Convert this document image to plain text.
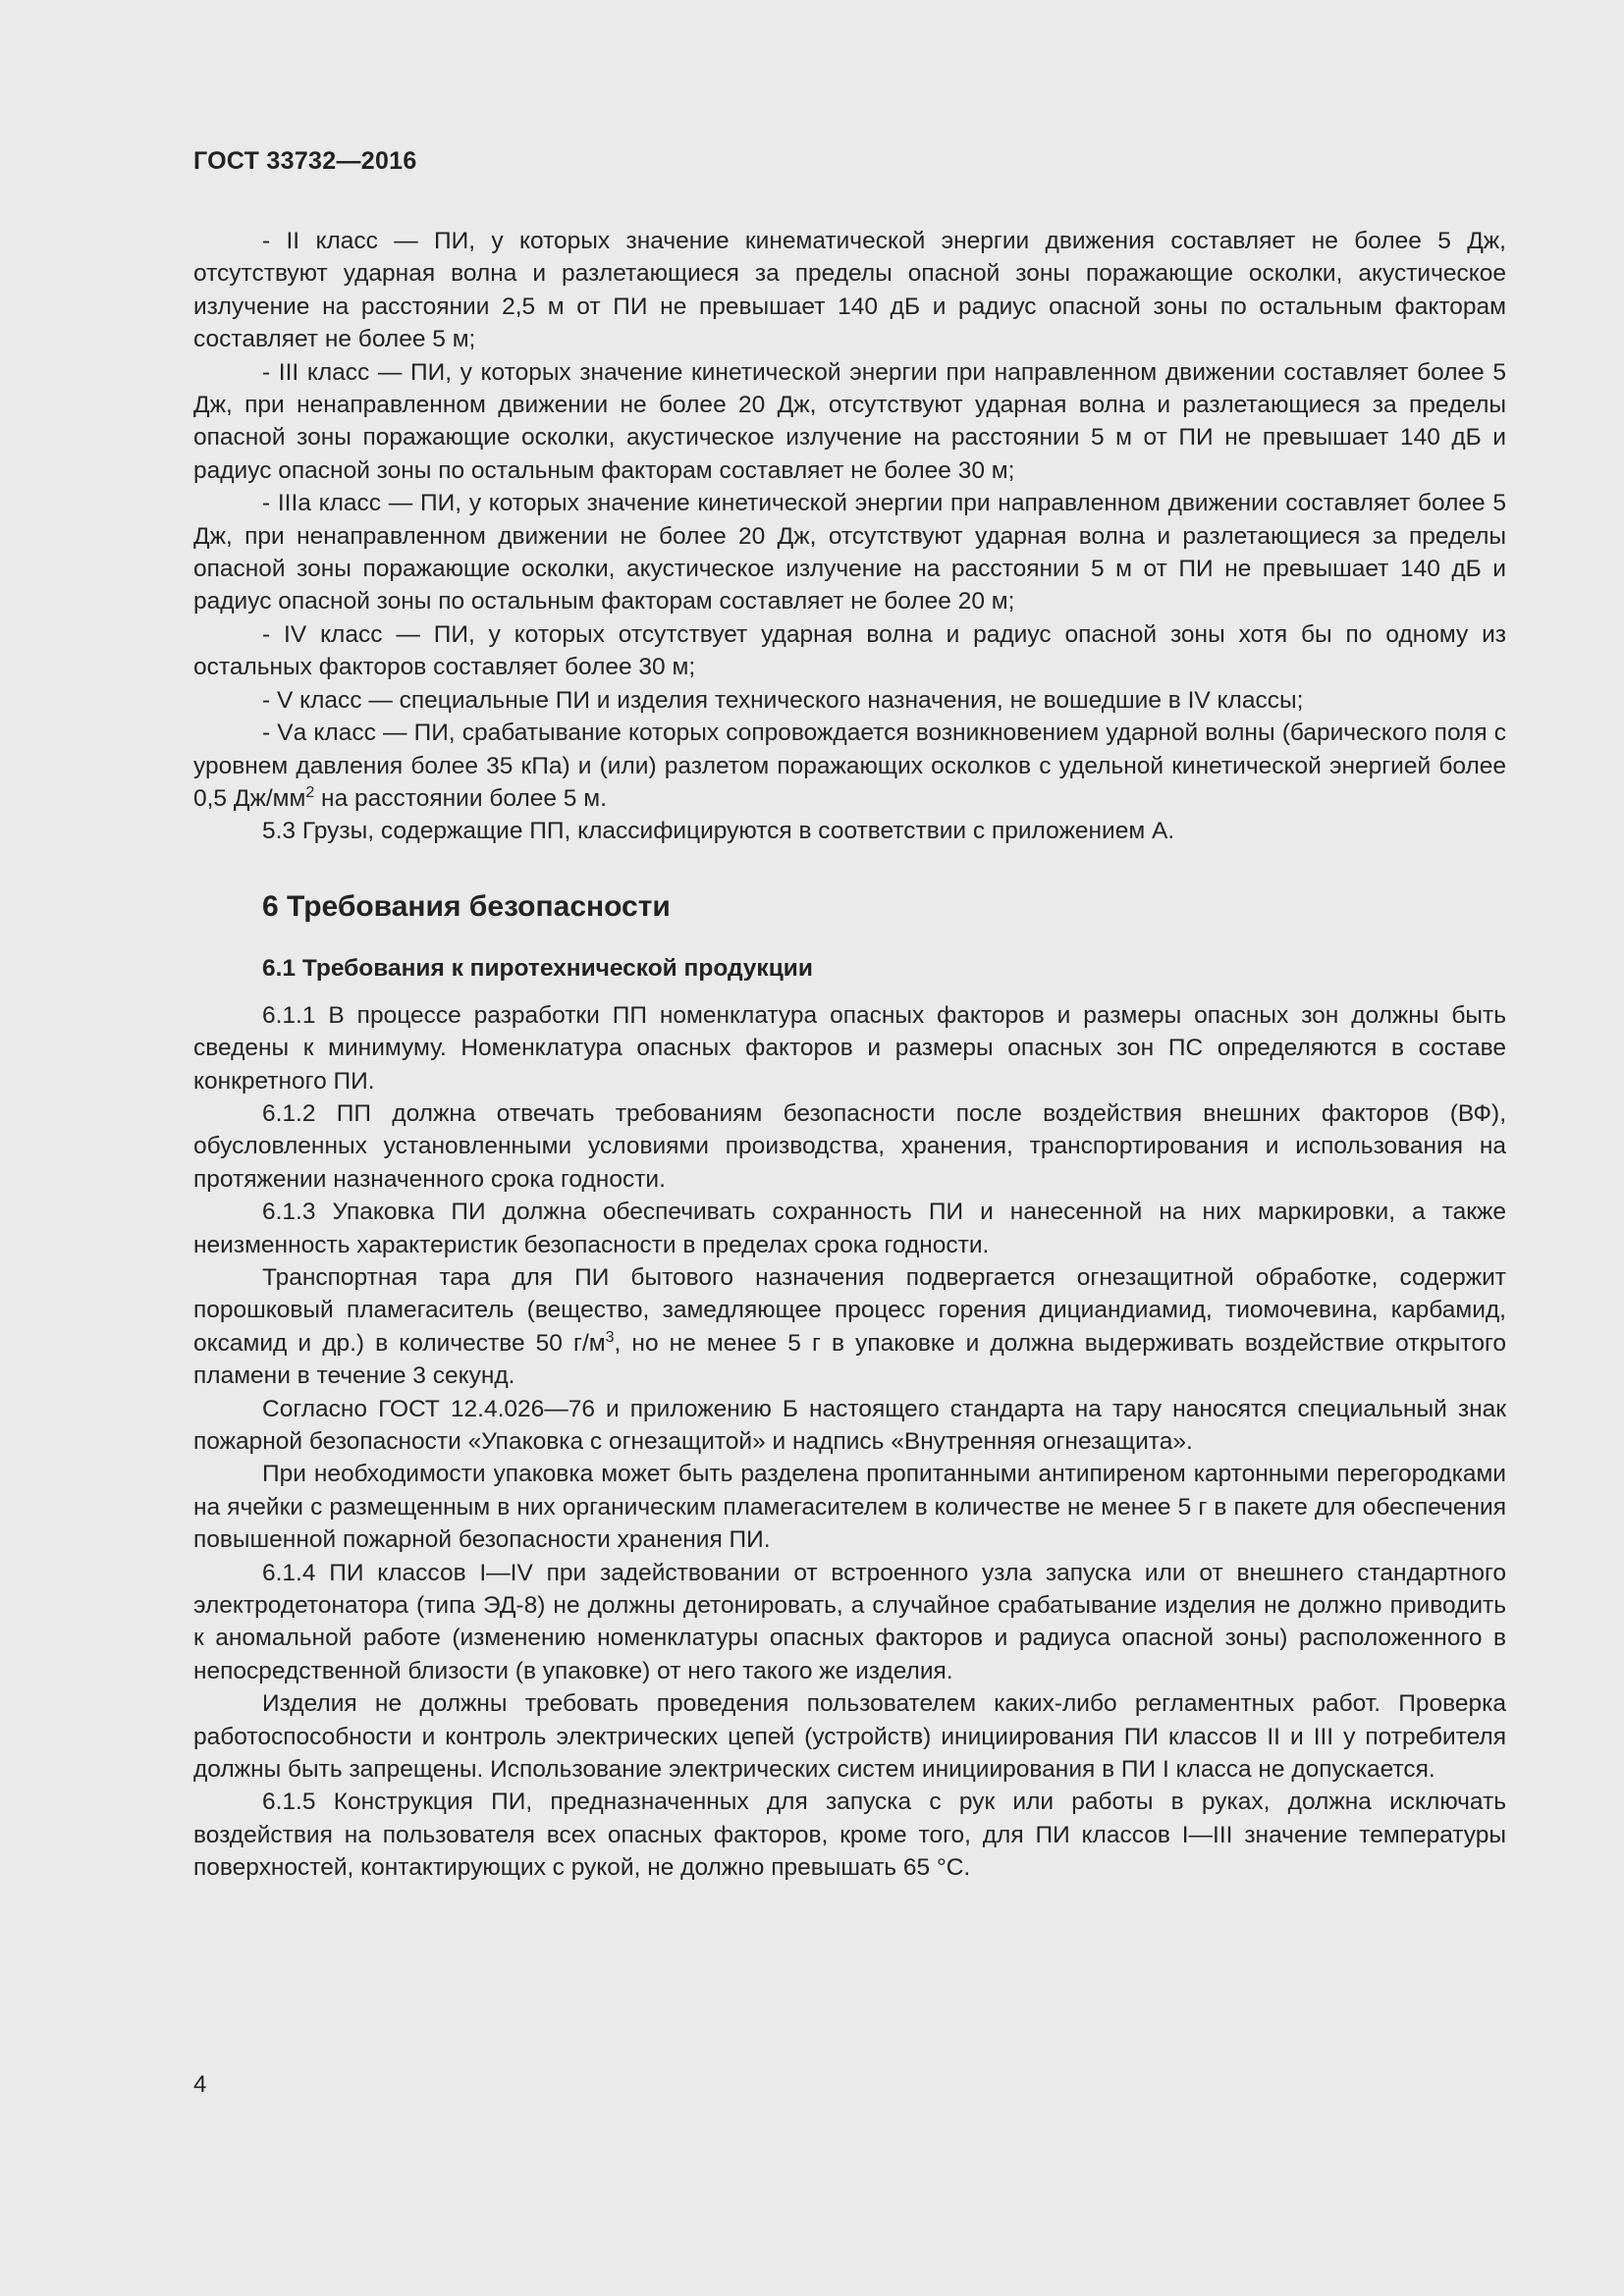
ГОСТ 33732—2016

- II класс — ПИ, у которых значение кинематической энергии движения составляет не более 5 Дж, отсутствуют ударная волна и разлетающиеся за пределы опасной зоны поражающие осколки, акустическое излучение на расстоянии 2,5 м от ПИ не превышает 140 дБ и радиус опасной зоны по остальным факторам составляет не более 5 м;

- III класс — ПИ, у которых значение кинетической энергии при направленном движении составляет более 5 Дж, при ненаправленном движении не более 20 Дж, отсутствуют ударная волна и разлетающиеся за пределы опасной зоны поражающие осколки, акустическое излучение на расстоянии 5 м от ПИ не превышает 140 дБ и радиус опасной зоны по остальным факторам составляет не более 30 м;

- IIIа класс — ПИ, у которых значение кинетической энергии при направленном движении составляет более 5 Дж, при ненаправленном движении не более 20 Дж, отсутствуют ударная волна и разлетающиеся за пределы опасной зоны поражающие осколки, акустическое излучение на расстоянии 5 м от ПИ не превышает 140 дБ и радиус опасной зоны по остальным факторам составляет не более 20 м;

- IV класс — ПИ, у которых отсутствует ударная волна и радиус опасной зоны хотя бы по одному из остальных факторов составляет более 30 м;

- V класс — специальные ПИ и изделия технического назначения, не вошедшие в IV классы;

- Vа класс — ПИ, срабатывание которых сопровождается возникновением ударной волны (барического поля с уровнем давления более 35 кПа) и (или) разлетом поражающих осколков с удельной кинетической энергией более 0,5 $Дж/мм^2$ на расстоянии более 5 м.

5.3 Грузы, содержащие ПП, классифицируются в соответствии с приложением А.

6 Требования безопасности
6.1 Требования к пиротехнической продукции

6.1.1 В процессе разработки ПП номенклатура опасных факторов и размеры опасных зон должны быть сведены к минимуму. Номенклатура опасных факторов и размеры опасных зон ПС определяются в составе конкретного ПИ.

6.1.2 ПП должна отвечать требованиям безопасности после воздействия внешних факторов (ВФ), обусловленных установленными условиями производства, хранения, транспортирования и использования на протяжении назначенного срока годности.

6.1.3 Упаковка ПИ должна обеспечивать сохранность ПИ и нанесенной на них маркировки, а также неизменность характеристик безопасности в пределах срока годности.

Транспортная тара для ПИ бытового назначения подвергается огнезащитной обработке, содержит порошковый пламегаситель (вещество, замедляющее процесс горения дициандиамид, тиомочевина, карбамид, оксамид и др.) в количестве 50 $г/м^3$, но не менее 5 г в упаковке и должна выдерживать воздействие открытого пламени в течение 3 секунд.

Согласно ГОСТ 12.4.026—76 и приложению Б настоящего стандарта на тару наносятся специальный знак пожарной безопасности «Упаковка с огнезащитой» и надпись «Внутренняя огнезащита».

При необходимости упаковка может быть разделена пропитанными антипиреном картонными перегородками на ячейки с размещенным в них органическим пламегасителем в количестве не менее 5 г в пакете для обеспечения повышенной пожарной безопасности хранения ПИ.

6.1.4 ПИ классов I—IV при задействовании от встроенного узла запуска или от внешнего стандартного электродетонатора (типа ЭД-8) не должны детонировать, а случайное срабатывание изделия не должно приводить к аномальной работе (изменению номенклатуры опасных факторов и радиуса опасной зоны) расположенного в непосредственной близости (в упаковке) от него такого же изделия.

Изделия не должны требовать проведения пользователем каких-либо регламентных работ. Проверка работоспособности и контроль электрических цепей (устройств) инициирования ПИ классов II и III у потребителя должны быть запрещены. Использование электрических систем инициирования в ПИ I класса не допускается.

6.1.5 Конструкция ПИ, предназначенных для запуска с рук или работы в руках, должна исключать воздействия на пользователя всех опасных факторов, кроме того, для ПИ классов I—III значение температуры поверхностей, контактирующих с рукой, не должно превышать 65 °С.

4
